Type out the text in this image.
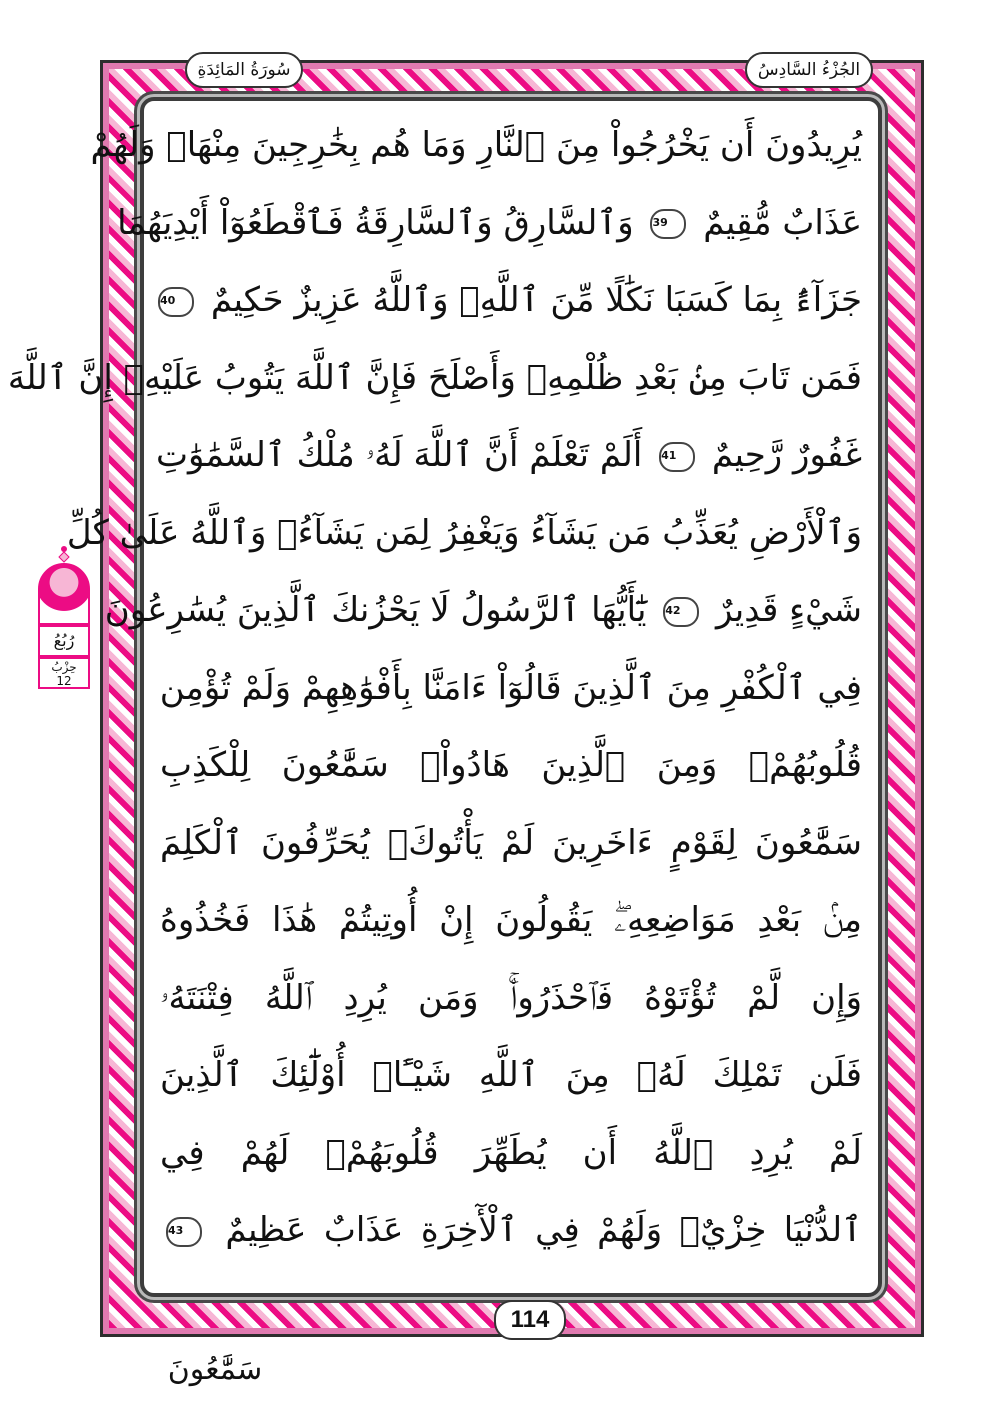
الجُزْءُ السَّادِسُ
سُورَةُ المَائِدَةِ
يُرِيدُونَ أَن يَخْرُجُواْ مِنَ ٱلنَّارِ وَمَا هُم بِخَٰرِجِينَ مِنْهَاۖ وَلَهُمْ
عَذَابٌ مُّقِيمٌ 39 وَٱلسَّارِقُ وَٱلسَّارِقَةُ فَٱقْطَعُوٓاْ أَيْدِيَهُمَا
جَزَآءًۢ بِمَا كَسَبَا نَكَٰلًا مِّنَ ٱللَّهِۗ وَٱللَّهُ عَزِيزٌ حَكِيمٌ 40
فَمَن تَابَ مِنۢ بَعْدِ ظُلْمِهِۦ وَأَصْلَحَ فَإِنَّ ٱللَّهَ يَتُوبُ عَلَيْهِۗ إِنَّ ٱللَّهَ
غَفُورٌ رَّحِيمٌ 41 أَلَمْ تَعْلَمْ أَنَّ ٱللَّهَ لَهُۥ مُلْكُ ٱلسَّمَٰوَٰتِ
وَٱلْأَرْضِ يُعَذِّبُ مَن يَشَآءُ وَيَغْفِرُ لِمَن يَشَآءُۗ وَٱللَّهُ عَلَىٰ كُلِّ
شَيْءٍ قَدِيرٌ 42 يَٰٓأَيُّهَا ٱلرَّسُولُ لَا يَحْزُنكَ ٱلَّذِينَ يُسَٰرِعُونَ
فِي ٱلْكُفْرِ مِنَ ٱلَّذِينَ قَالُوٓاْ ءَامَنَّا بِأَفْوَٰهِهِمْ وَلَمْ تُؤْمِن
قُلُوبُهُمْۛ وَمِنَ ٱلَّذِينَ هَادُواْۛ سَمَّٰعُونَ لِلْكَذِبِ
سَمَّٰعُونَ لِقَوْمٍ ءَاخَرِينَ لَمْ يَأْتُوكَۖ يُحَرِّفُونَ ٱلْكَلِمَ
مِنۢ بَعْدِ مَوَاضِعِهِۦۖ يَقُولُونَ إِنْ أُوتِيتُمْ هَٰذَا فَخُذُوهُ
وَإِن لَّمْ تُؤْتَوْهُ فَٱحْذَرُواْۚ وَمَن يُرِدِ ٱللَّهُ فِتْنَتَهُۥ
فَلَن تَمْلِكَ لَهُۥ مِنَ ٱللَّهِ شَيْـًٔاۚ أُوْلَٰٓئِكَ ٱلَّذِينَ
لَمْ يُرِدِ ٱللَّهُ أَن يُطَهِّرَ قُلُوبَهُمْۚ لَهُمْ فِي
ٱلدُّنْيَا خِزْيٌۖ وَلَهُمْ فِي ٱلْأٓخِرَةِ عَذَابٌ عَظِيمٌ 43
رُبُعُ
حِزْبُ
12
114
سَمَّٰعُونَ
